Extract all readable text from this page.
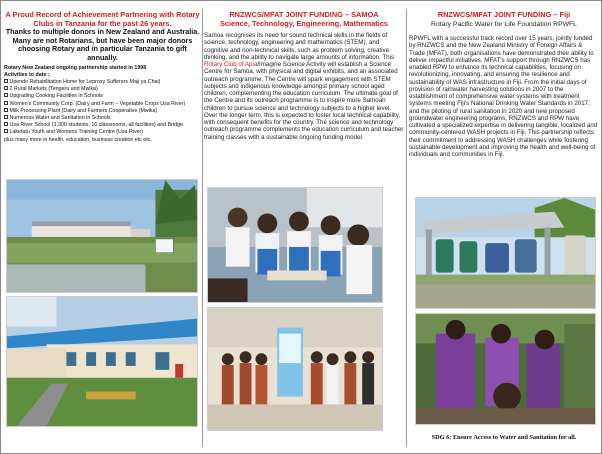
A Proud Record of Achievement Partnering with Rotary Clubs in Tanzania for the past 26 years.
Thanks to multiple donors in New Zealand and Australia. Many are not Rotarians, but have been major donors choosing Rotary and in particular Tanzania to gift annually.
Rotary New Zealand ongoing partnership started in 1998
Activities to date :
Upendo Rehabilitation Home for Leprosy Sufferers Maji ya Chai)
2 Rural Markets (Tengeru and Mwika)
Upgrading Cooking Facilities in Schools
Women's Community Corp. (Dairy and Farm – Vegetable Crops Usa River)
Milk Processing Plant (Dairy and Farmers Cooperative (Mwika)
Numerous Water and Sanitation in Schools
Usa River School (1,300 students, 16 classrooms, all facilities) and Bridge
Laketatu Youth and Womens Training Centre (Usa River)
plus many more in health, education, business creation etc etc.
RNZWCS/MFAT JOINT FUNDING – SAMOA
Science, Technology, Engineering, Mathematics
Samoa recognises its need for sound technical skills in the fields of science, technology, engineering and mathematics (STEM), and cognitive and non-technical skills, such as problem solving, creative thinking, and the ability to navigate large amounts of information. This Rotary Club of Apia/Imagine Science Activity will establish a Science Centre for Samoa, with physical and digital exhibits, and an associated outreach programme. The Centre will spark engagement with STEM subjects and indigenous knowledge amongst primary school aged children, complementing the education curriculum. The ultimate goal of the Centre and its outreach programme is to inspire more Samoan children to pursue science and technology subjects to a higher level. Over the longer term, this is expected to foster local technical capability, with consequent benefits for the country. The science and technology outreach programme complements the education curriculum and teacher training classes with a sustainable ongoing funding model.
RNZWCS/MFAT JOINT FUNDING – Fiji
Rotary Pacific Water for Life Foundation RPWFL
RPWFL with a successful track record over 15 years, jointly funded by RNZWCS and the New Zealand Ministry of Foreign Affairs & Trade (MFAT), both organisations have demonstrated their ability to deliver impactful initiatives. MFAT's support through RNZWCS has enabled RPW to enhance its technical capabilities, focusing on revolutionizing, innovating, and ensuring the resilience and sustainability of WAS infrastructure in Fiji. From the initial days of provision of rainwater harvesting solutions in 2007 to the establishment of comprehensive water systems with treatment systems meeting Fiji's National Drinking Water Standards in 2017, and the piloting of rural sanitation in 2020 and new proposed groundwater engineering programs, RNZWCS and RPW have cultivated a specialized expertise in delivering tangible, localized and community-centered WASH projects in Fiji. This partnership reflects their commitment to addressing WASH challenges while fostering sustainable development and improving the health and well-being of individuals and communities in Fiji.
SDG 6: Ensure Access to Water and Sanitation for all.
